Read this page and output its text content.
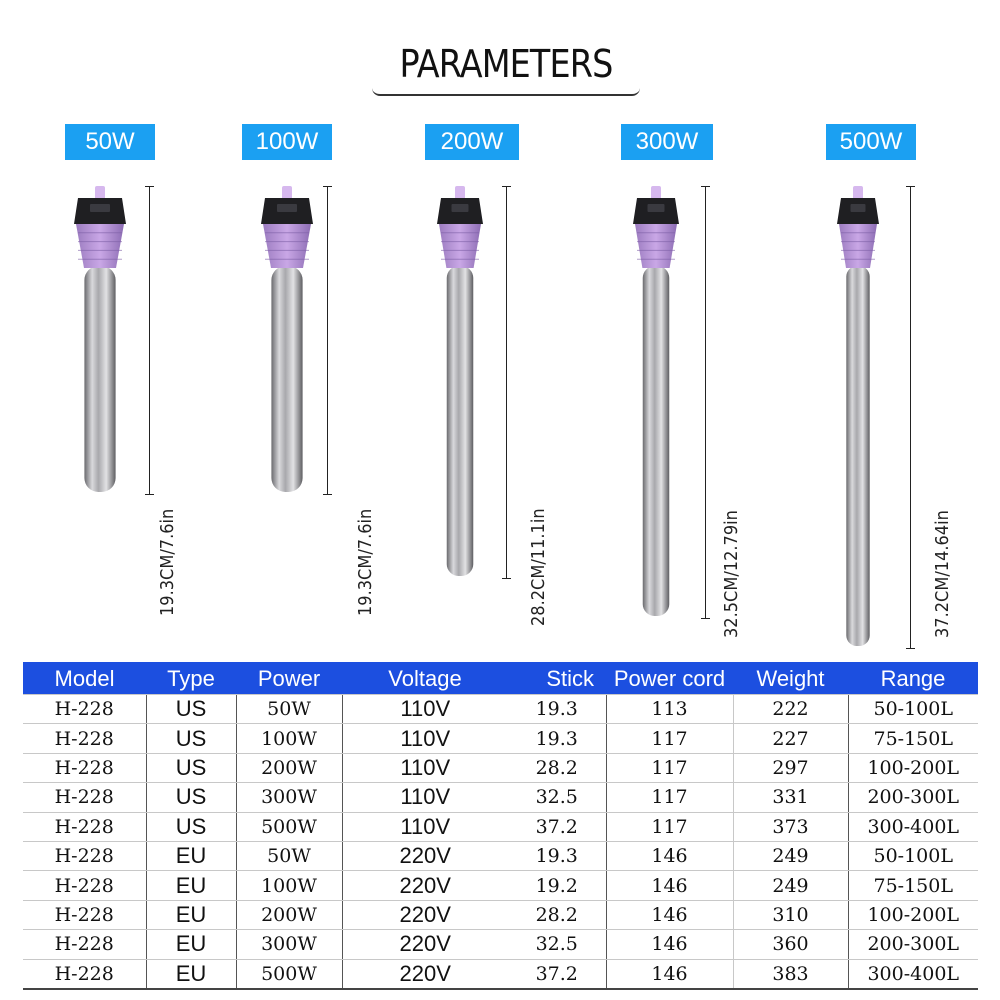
PARAMETERS
50W	100W	200W	300W	500W
19.3CM/7.6in	19.3CM/7.6in	28.2CM/11.1in	32.5CM/12.79in	37.2CM/14.64in
Model	Type	Power	Voltage	Stick	Power cord	Weight	Range
H-228	US	50W	110V	19.3	113	222	50-100L
H-228	US	100W	110V	19.3	117	227	75-150L
H-228	US	200W	110V	28.2	117	297	100-200L
H-228	US	300W	110V	32.5	117	331	200-300L
H-228	US	500W	110V	37.2	117	373	300-400L
H-228	EU	50W	220V	19.3	146	249	50-100L
H-228	EU	100W	220V	19.2	146	249	75-150L
H-228	EU	200W	220V	28.2	146	310	100-200L
H-228	EU	300W	220V	32.5	146	360	200-300L
H-228	EU	500W	220V	37.2	146	383	300-400L
